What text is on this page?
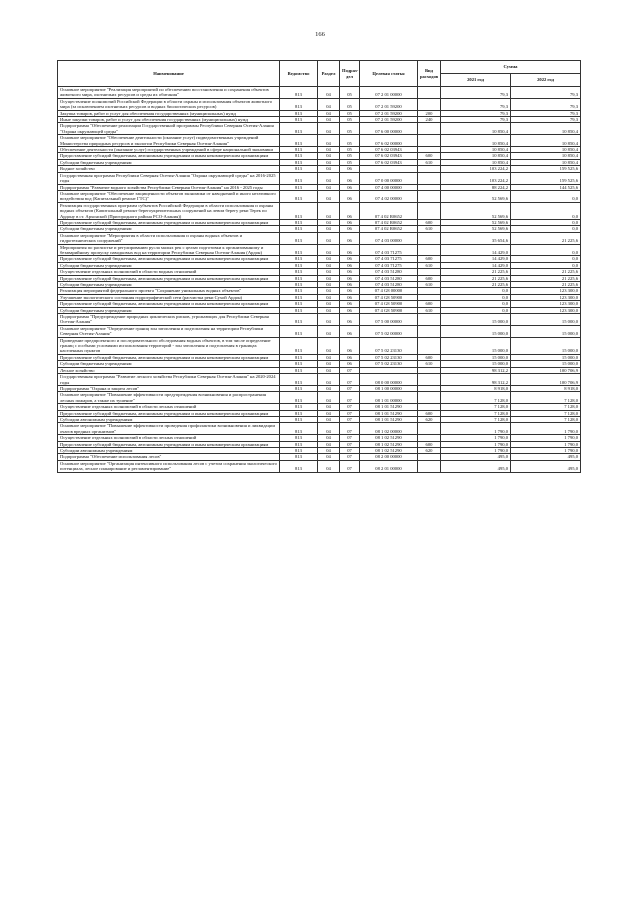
166
Наименование	Ведомство	Раздел	Подраз-дел	Целевая статья	Вид расходов	Сумма	
						2021 год	2022 год
Основное мероприятие "Реализация мероприятий по обеспечению восстановления и сохранения объектов животного мира, охотничьих ресурсов и среды их обитания"	813	04	05	07 2 01 00000		79,3	79,3
Осуществление полномочий Российской Федерации в области охраны и использования объектов животного мира (за исключением охотничьих ресурсов и водных биологических ресурсов)	813	04	05	07 2 01 59200		79,3	79,3
Закупка товаров, работ и услуг для обеспечения государственных (муниципальных) нужд	813	04	05	07 2 01 59200	200	79,3	79,3
Иные закупки товаров, работ и услуг для обеспечения государственных (муниципальных) нужд	813	04	05	07 2 01 59200	240	79,3	79,3
Подпрограмма "Обеспечение реализации Государственной программы Республики Северная Осетия-Алания "Охрана окружающей среды"	813	04	05	07 6 00 00000		10 850,4	10 850,4
Основное мероприятие "Обеспечение деятельности (оказание услуг) подведомственных учреждений Министерства природных ресурсов и экологии Республики Северная Осетия-Алания"	813	04	05	07 6 02 00000		10 850,4	10 850,4
Обеспечение деятельности (оказание услуг) государственных учреждений в сфере национальной экономики	813	04	05	07 6 02 03943		10 850,4	10 850,4
Предоставление субсидий бюджетным, автономным учреждениям и иным некоммерческим организациям	813	04	05	07 6 02 03943	600	10 850,4	10 850,4
Субсидии бюджетным учреждениям	813	04	05	07 6 02 03943	610	10 850,4	10 850,4
Водное хозяйство	813	04	06			103 224,2	159 525,6
Государственная программа Республики Северная Осетия-Алания "Охрана окружающей среды" на 2016-2025 годы	813	04	06	07 0 00 00000		103 224,2	159 525,6
Подпрограмма "Развитие водного хозяйства Республики Северная Осетия-Алания" на 2016 - 2025 годы	813	04	06	07 4 00 00000		88 224,2	144 525,6
Основное мероприятие "Обеспечение защищенности объектов экономики от наводнений и иного негативного воздействия вод (Капитальный ремонт ГТС)"	813	04	06	07 4 02 00000		52 569,6	0,0
Реализация государственных программ субъектов Российской Федерации в области использования и охраны водных объектов (Капитальный ремонт берегоукрепительных сооружений на левом берегу реки Терек по Ардону в ст. Архонской (Пригородного района РСО-Алания))	813	04	06	07 4 02 R0652		52 569,6	0,0
Предоставление субсидий бюджетным, автономным учреждениям и иным некоммерческим организациям	813	04	06	07 4 02 R0652	600	52 569,6	0,0
Субсидии бюджетным учреждениям	813	04	06	07 4 02 R0652	610	52 569,6	0,0
Основное мероприятие "Мероприятия в области использования и охраны водных объектов и гидротехнических сооружений"	813	04	06	07 4 03 00000		35 654,6	21 225,6
Мероприятия по расчистке и регулированию русла малых рек с целью подготовки к организованному и безаварийному пропуску паводковых вод на территории Республики Северная Осетия-Алания (Ардон)	813	04	06	07 4 03 71275		14 429,0	0,0
Предоставление субсидий бюджетным, автономным учреждениям и иным некоммерческим организациям	813	04	06	07 4 03 71275	600	14 429,0	0,0
Субсидии бюджетным учреждениям	813	04	06	07 4 03 71275	610	14 429,0	0,0
Осуществление отдельных полномочий в области водных отношений	813	04	06	07 4 03 51280		21 225,6	21 225,6
Предоставление субсидий бюджетным, автономным учреждениям и иным некоммерческим организациям	813	04	06	07 4 03 51280	600	21 225,6	21 225,6
Субсидии бюджетным учреждениям	813	04	06	07 4 03 51280	610	21 225,6	21 225,6
Реализация мероприятий федерального проекта "Сохранение уникальных водных объектов"	813	04	06	07 4 G8 00000		0,0	123 300,0
Улучшение экологического состояния гидрографической сети (расчистка реки Сухой Ардон)	813	04	06	07 4 G8 50900		0,0	123 300,0
Предоставление субсидий бюджетным, автономным учреждениям и иным некоммерческим организациям	813	04	06	07 4 G8 50900	600	0,0	123 300,0
Субсидии бюджетным учреждениям	813	04	06	07 4 G8 50900	610	0,0	123 300,0
Подпрограмма "Предупреждение природных циклических рисков, угрожающих для Республики Северная Осетия-Алания"	813	04	06	07 5 00 00000		15 000,0	15 000,0
Основное мероприятие "Определение границ зон затопления и подтопления на территории Республики Северная Осетия-Алания"	813	04	06	07 5 02 00000		15 000,0	15 000,0
Проведение предпроектного и последовательного обследования водных объектов, в том числе определение границ с особыми условиями использования территорий - зон затопления и подтопления в границах населенных пунктов	813	04	06	07 5 02 23130		15 000,0	15 000,0
Предоставление субсидий бюджетным, автономным учреждениям и иным некоммерческим организациям	813	04	06	07 5 02 23130	600	15 000,0	15 000,0
Субсидии бюджетным учреждениям	813	04	06	07 5 02 23130	610	15 000,0	15 000,0
Лесное хозяйство	813	04	07			98 312,2	100 706,9
Государственная программа "Развитие лесного хозяйства Республики Северная Осетия-Алания" на 2020-2024 годы	813	04	07	08 0 00 00000		98 312,2	100 706,9
Подпрограмма "Охрана и защита лесов"	813	04	07	08 1 00 00000		8 918,0	8 918,0
Основное мероприятие "Повышение эффективности предупреждения возникновения и распространения лесных пожаров, а также их тушение"	813	04	07	08 1 01 00000		7 128,0	7 128,0
Осуществление отдельных полномочий в области лесных отношений	813	04	07	08 1 01 51290		7 128,0	7 128,0
Предоставление субсидий бюджетным, автономным учреждениям и иным некоммерческим организациям	813	04	07	08 1 01 51290	600	7 128,0	7 128,0
Субсидии автономным учреждениям	813	04	07	08 1 01 51290	620	7 128,0	7 128,0
Основное мероприятие "Повышение эффективности проведения профилактики возникновения и ликвидации очагов вредных организмов"	813	04	07	08 1 02 00000		1 790,0	1 790,0
Осуществление отдельных полномочий в области лесных отношений	813	04	07	08 1 02 51290		1 790,0	1 790,0
Предоставление субсидий бюджетным, автономным учреждениям и иным некоммерческим организациям	813	04	07	08 1 02 51290	600	1 790,0	1 790,0
Субсидии автономным учреждениям	813	04	07	08 1 02 51290	620	1 790,0	1 790,0
Подпрограмма "Обеспечение использования лесов"	813	04	07	08 2 00 00000		495,0	495,0
Основное мероприятие "Организация интенсивного использования лесов с учетом сохранения экологического потенциала, лесное планирование и регламентирование"	813	04	07	08 2 01 00000		495,0	495,0
